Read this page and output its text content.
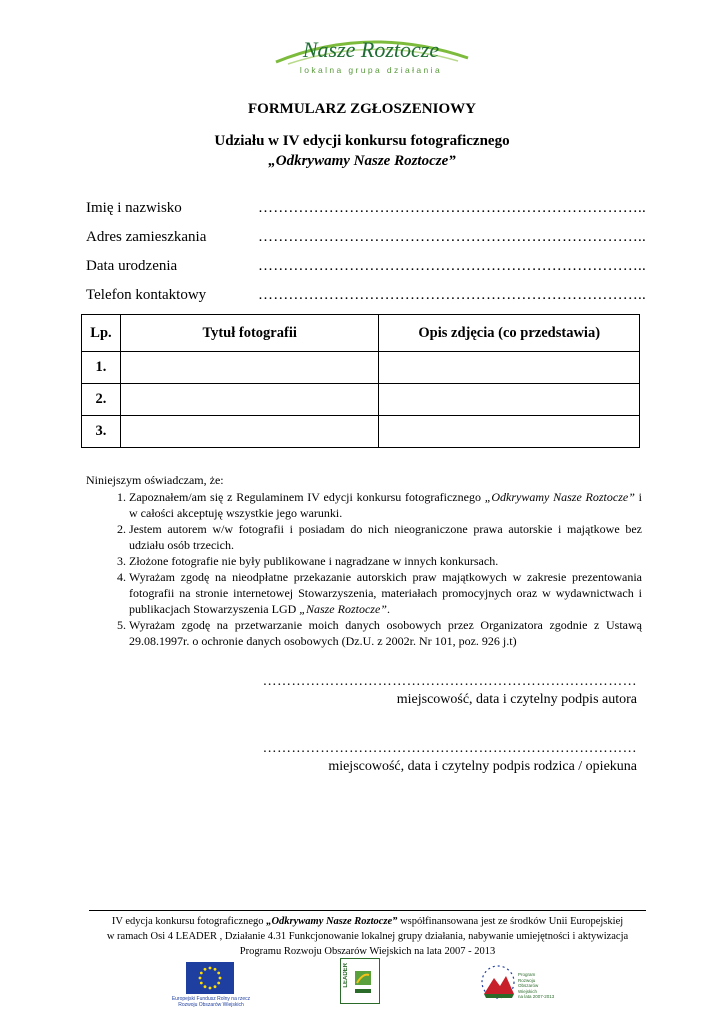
Nasze Roztocze
lokalna grupa działania
FORMULARZ ZGŁOSZENIOWY
Udziału w IV edycji konkursu fotograficznego
„Odkrywamy Nasze Roztocze”
Imię i nazwisko	…………………………………………………………………..
Adres zamieszkania	…………………………………………………………………..
Data urodzenia	…………………………………………………………………..
Telefon kontaktowy	…………………………………………………………………..
Lp.	Tytuł fotografii	Opis zdjęcia (co przedstawia)
1.		
2.		
3.		
Niniejszym oświadczam, że:
1. Zapoznałem/am się z Regulaminem IV edycji konkursu fotograficznego „Odkrywamy Nasze Roztocze” i w całości akceptuję wszystkie jego warunki.
2. Jestem autorem w/w fotografii i posiadam do nich nieograniczone prawa autorskie i majątkowe bez udziału osób trzecich.
3. Złożone fotografie nie były publikowane i nagradzane w innych konkursach.
4. Wyrażam zgodę na nieodpłatne przekazanie autorskich praw majątkowych w zakresie prezentowania fotografii na stronie internetowej Stowarzyszenia, materiałach promocyjnych oraz w wydawnictwach i publikacjach Stowarzyszenia LGD „Nasze Roztocze”.
5. Wyrażam zgodę na przetwarzanie moich danych osobowych przez Organizatora zgodnie z Ustawą 29.08.1997r. o ochronie danych osobowych (Dz.U. z 2002r. Nr 101, poz. 926 j.t)
……………………………………………………………………
miejscowość, data i czytelny podpis autora
……………………………………………………………………
miejscowość, data i czytelny podpis rodzica / opiekuna
IV edycja konkursu fotograficznego „Odkrywamy Nasze Roztocze” współfinansowana jest ze środków Unii Europejskiej
w ramach Osi 4 LEADER , Działanie 4.31 Funkcjonowanie lokalnej grupy działania, nabywanie umiejętności i aktywizacja
Programu Rozwoju Obszarów Wiejskich na lata 2007 - 2013
Europejski Fundusz Rolny na rzecz
Rozwoju Obszarów Wiejskich
LEADER	Program
Rozwoju
Obszarów
Wiejskich
na lata 2007-2013
